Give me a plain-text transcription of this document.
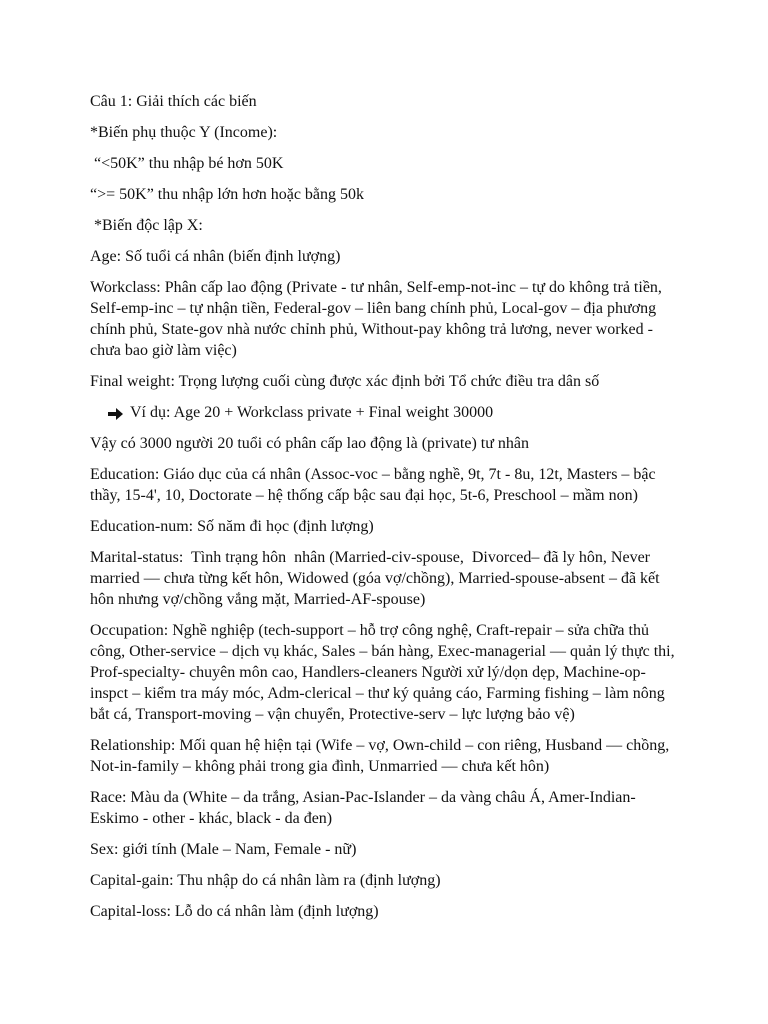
Câu 1: Giải thích các biến

*Biến phụ thuộc Y (Income):

“<50K” thu nhập bé hơn 50K

“>= 50K” thu nhập lớn hơn hoặc bằng 50k

*Biến độc lập X:

Age: Số tuổi cá nhân (biến định lượng)

Workclass: Phân cấp lao động (Private - tư nhân, Self-emp-not-inc – tự do không trả tiền, Self-emp-inc – tự nhận tiền, Federal-gov – liên bang chính phủ, Local-gov – địa phương chính phủ, State-gov nhà nước chỉnh phủ, Without-pay không trả lương, never worked - chưa bao giờ làm việc)

Final weight: Trọng lượng cuối cùng được xác định bởi Tổ chức điều tra dân số

Ví dụ: Age 20 + Workclass private + Final weight 30000

Vậy có 3000 người 20 tuổi có phân cấp lao động là (private) tư nhân

Education: Giáo dục của cá nhân (Assoc-voc – bằng nghề, 9t, 7t - 8u, 12t, Masters – bậc thầy, 15-4', 10, Doctorate – hệ thống cấp bậc sau đại học, 5t-6, Preschool – mầm non)

Education-num: Số năm đi học (định lượng)

Marital-status:  Tình trạng hôn  nhân (Married-civ-spouse,  Divorced– đã ly hôn, Never married — chưa từng kết hôn, Widowed (góa vợ/chồng), Married-spouse-absent – đã kết hôn nhưng vợ/chồng vắng mặt, Married-AF-spouse)

Occupation: Nghề nghiệp (tech-support – hỗ trợ công nghệ, Craft-repair – sửa chữa thủ công, Other-service – dịch vụ khác, Sales – bán hàng, Exec-managerial — quản lý thực thi, Prof-specialty- chuyên môn cao, Handlers-cleaners Người xử lý/dọn dẹp, Machine-op-inspct – kiểm tra máy móc, Adm-clerical – thư ký quảng cáo, Farming fishing – làm nông bắt cá, Transport-moving – vận chuyển, Protective-serv – lực lượng bảo vệ)

Relationship: Mối quan hệ hiện tại (Wife – vợ, Own-child – con riêng, Husband — chồng, Not-in-family – không phải trong gia đình, Unmarried — chưa kết hôn)

Race: Màu da (White – da trắng, Asian-Pac-Islander – da vàng châu Á, Amer-Indian-Eskimo - other - khác, black - da đen)

Sex: giới tính (Male – Nam, Female - nữ)

Capital-gain: Thu nhập do cá nhân làm ra (định lượng)

Capital-loss: Lỗ do cá nhân làm (định lượng)
